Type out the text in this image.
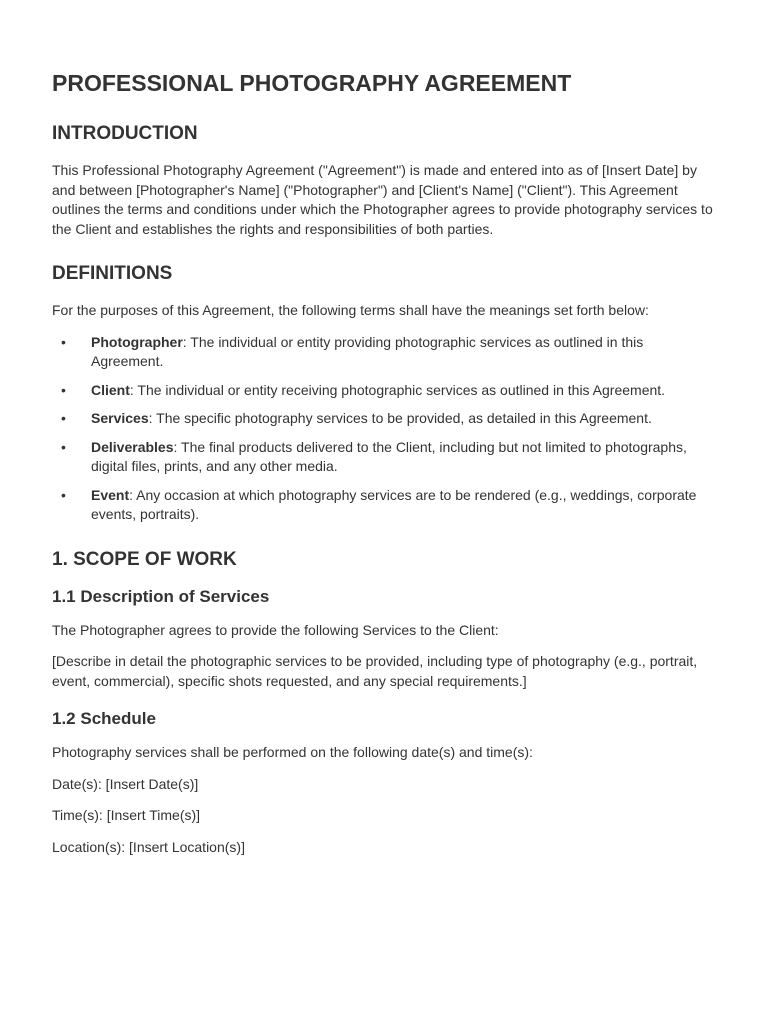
PROFESSIONAL PHOTOGRAPHY AGREEMENT
INTRODUCTION

This Professional Photography Agreement ("Agreement") is made and entered into as of [Insert Date] by and between [Photographer's Name] ("Photographer") and [Client's Name] ("Client"). This Agreement outlines the terms and conditions under which the Photographer agrees to provide photography services to the Client and establishes the rights and responsibilities of both parties.

DEFINITIONS

For the purposes of this Agreement, the following terms shall have the meanings set forth below:

• Photographer: The individual or entity providing photographic services as outlined in this Agreement.
• Client: The individual or entity receiving photographic services as outlined in this Agreement.
• Services: The specific photography services to be provided, as detailed in this Agreement.
• Deliverables: The final products delivered to the Client, including but not limited to photographs, digital files, prints, and any other media.
• Event: Any occasion at which photography services are to be rendered (e.g., weddings, corporate events, portraits).
1. SCOPE OF WORK
1.1 Description of Services

The Photographer agrees to provide the following Services to the Client:

[Describe in detail the photographic services to be provided, including type of photography (e.g., portrait, event, commercial), specific shots requested, and any special requirements.]

1.2 Schedule

Photography services shall be performed on the following date(s) and time(s):

Date(s): [Insert Date(s)]

Time(s): [Insert Time(s)]

Location(s): [Insert Location(s)]
